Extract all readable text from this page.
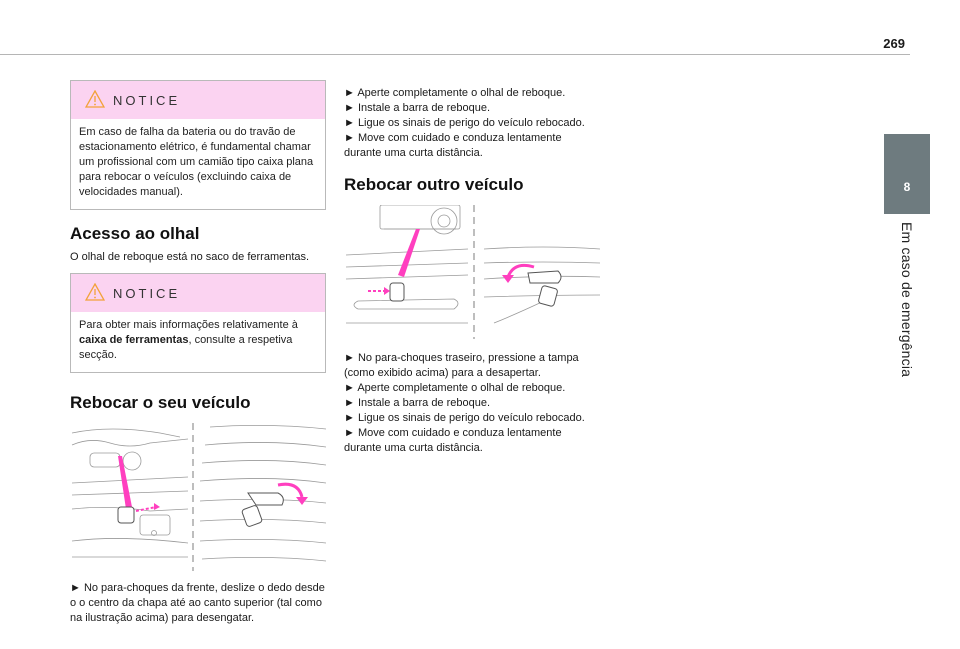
269
8
Em caso de emergência
NOTICE
Em caso de falha da bateria ou do travão de estacionamento elétrico, é fundamental chamar um profissional com um camião tipo caixa plana para rebocar o veículos (excluindo caixa de velocidades manual).
Acesso ao olhal

O olhal de reboque está no saco de ferramentas.

NOTICE
Para obter mais informações relativamente à caixa de ferramentas, consulte a respetiva secção.
Rebocar o seu veículo

► No para-choques da frente, deslize o dedo desde o o centro da chapa até ao canto superior (tal como na ilustração acima) para desengatar.

► Aperte completamente o olhal de reboque.

► Instale a barra de reboque.

► Ligue os sinais de perigo do veículo rebocado.

► Move com cuidado e conduza lentamente durante uma curta distância.

Rebocar outro veículo

► No para-choques traseiro, pressione a tampa (como exibido acima) para a desapertar.

► Aperte completamente o olhal de reboque.

► Instale a barra de reboque.

► Ligue os sinais de perigo do veículo rebocado.

► Move com cuidado e conduza lentamente durante uma curta distância.
